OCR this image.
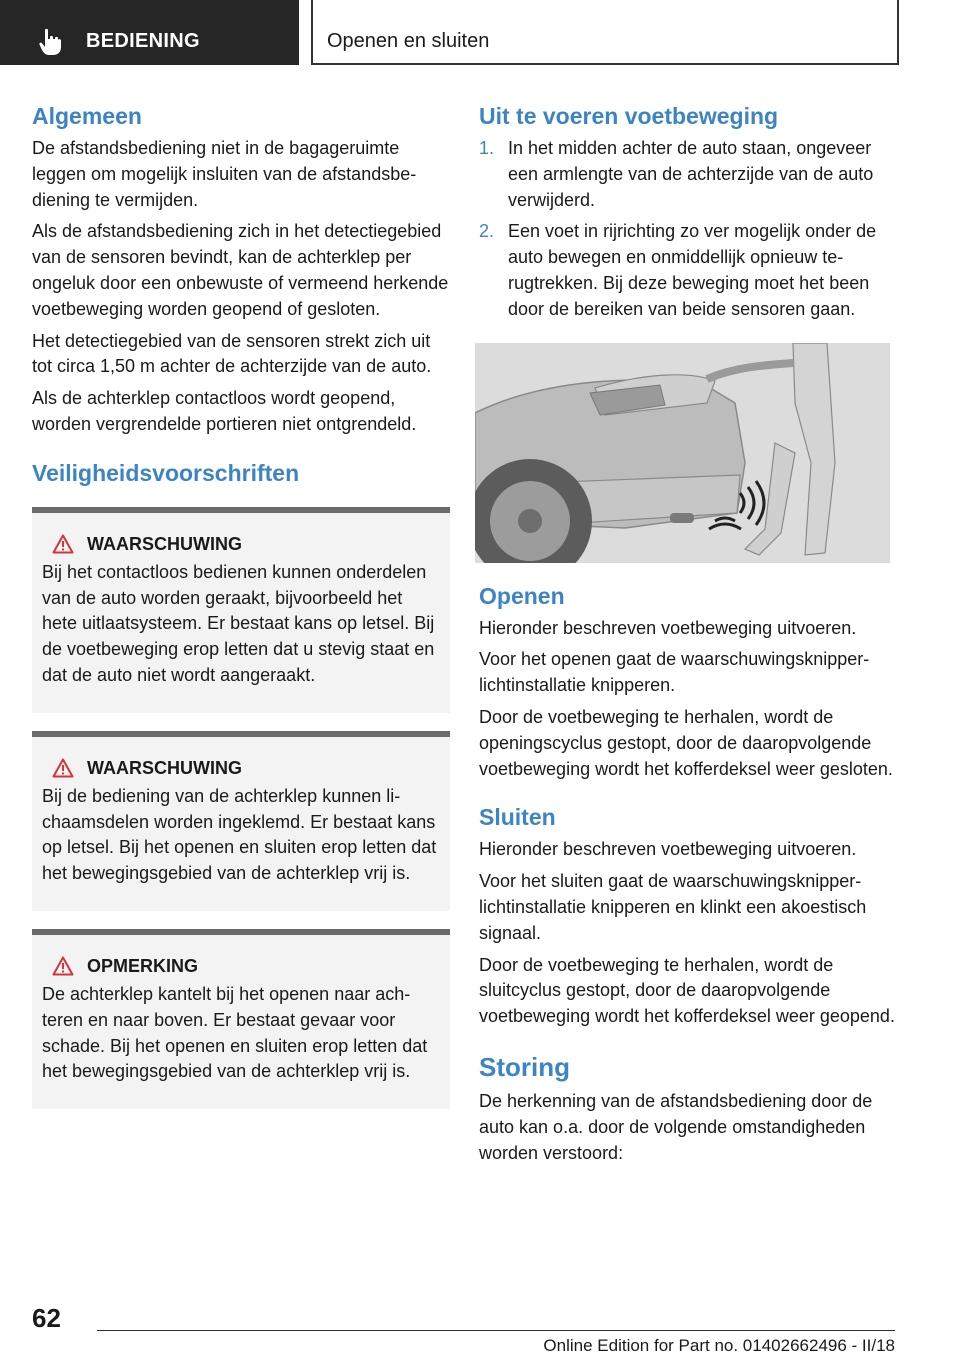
BEDIENING	Openen en sluiten
Algemeen

De afstandsbediening niet in de bagageruimte leggen om mogelijk insluiten van de afstandsbediening te vermijden.

Als de afstandsbediening zich in het detectiegebied van de sensoren bevindt, kan de achterklep per ongeluk door een onbewuste of vermeend herkende voetbeweging worden geopend of gesloten.

Het detectiegebied van de sensoren strekt zich uit tot circa 1,50 m achter de achterzijde van de auto.

Als de achterklep contactloos wordt geopend, worden vergrendelde portieren niet ontgrendeld.

Veiligheidsvoorschriften
WAARSCHUWING

Bij het contactloos bedienen kunnen onderdelen van de auto worden geraakt, bijvoorbeeld het hete uitlaatsysteem. Er bestaat kans op letsel. Bij de voetbeweging erop letten dat u stevig staat en dat de auto niet wordt aangeraakt.

WAARSCHUWING

Bij de bediening van de achterklep kunnen lichaamsdelen worden ingeklemd. Er bestaat kans op letsel. Bij het openen en sluiten erop letten dat het bewegingsgebied van de achterklep vrij is.

OPMERKING

De achterklep kantelt bij het openen naar achteren en naar boven. Er bestaat gevaar voor schade. Bij het openen en sluiten erop letten dat het bewegingsgebied van de achterklep vrij is.

Uit te voeren voetbeweging
1. In het midden achter de auto staan, ongeveer een armlengte van de achterzijde van de auto verwijderd.
2. Een voet in rijrichting zo ver mogelijk onder de auto bewegen en onmiddellijk opnieuw terugtrekken. Bij deze beweging moet het been door de bereiken van beide sensoren gaan.
Openen

Hieronder beschreven voetbeweging uitvoeren.

Voor het openen gaat de waarschuwingsknipperlichtinstallatie knipperen.

Door de voetbeweging te herhalen, wordt de openingscyclus gestopt, door de daaropvolgende voetbeweging wordt het kofferdeksel weer gesloten.

Sluiten

Hieronder beschreven voetbeweging uitvoeren.

Voor het sluiten gaat de waarschuwingsknipperlichtinstallatie knipperen en klinkt een akoestisch signaal.

Door de voetbeweging te herhalen, wordt de sluitcyclus gestopt, door de daaropvolgende voetbeweging wordt het kofferdeksel weer geopend.

Storing

De herkenning van de afstandsbediening door de auto kan o.a. door de volgende omstandigheden worden verstoord:

62
Online Edition for Part no. 01402662496 - II/18
